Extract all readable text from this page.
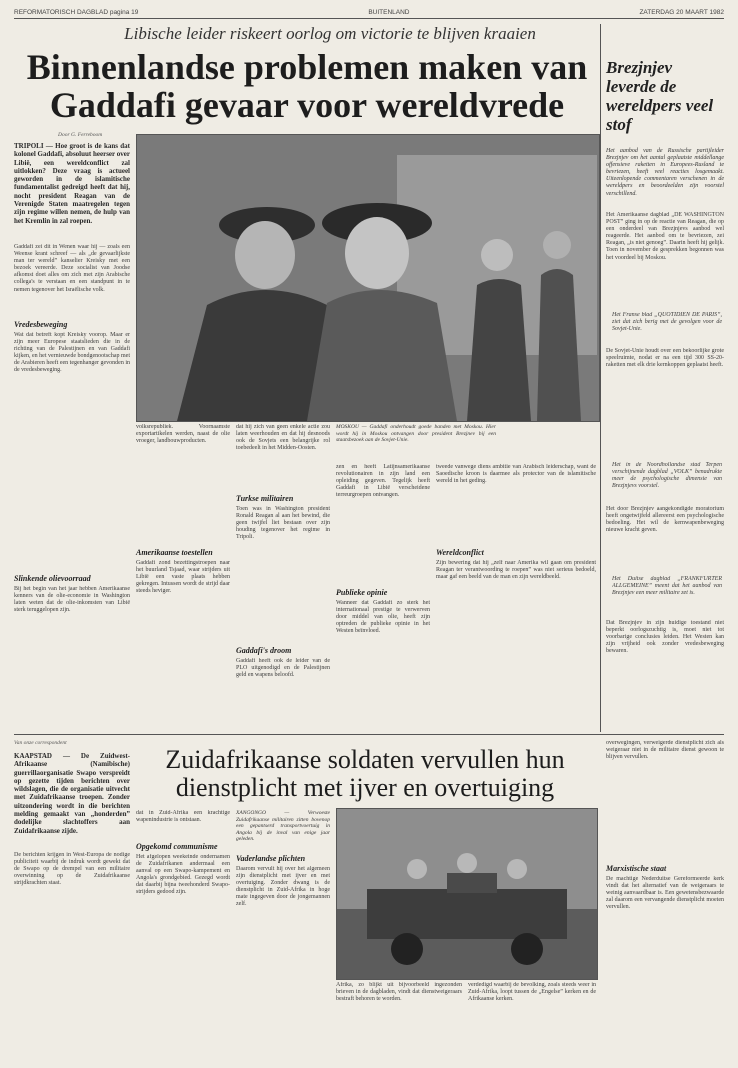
REFORMATORISCH DAGBLAD pagina 19	BUITENLAND	ZATERDAG 20 MAART 1982
Libische leider riskeert oorlog om victorie te blijven kraaien
Binnenlandse problemen maken van Gaddafi gevaar voor wereldvrede
Door G. Ferreboom
TRIPOLI — Hoe groot is de kans dat kolonel Gaddafi, absoluut heerser over Libië, een wereldconflict zal uitlokken? Deze vraag is actueel geworden in de islamitische fundamentalist gedreigd heeft dat hij, nocht president Reagan van de Verenigde Staten maatregelen tegen zijn regime willen nemen, de hulp van het Kremlin in zal roepen.
Gaddafi zei dit in Wenen waar hij — zoals een Weense krant schreef — als „de gevaarlijkste man ter wereld” kanselier Kreisky met een bezoek vereerde. Deze socialist van Joodse afkomst doet alles om zich met zijn Arabische collega's te verstaan en een standpunt in te nemen tegenover het Israëlische volk.
Vredesbeweging
Wat dat betreft kopt Kreisky voorop. Maar er zijn meer Europese staatslieden die in de richting van de Palestijnen en van Gaddafi kijken, en het vernieuwde bondgenootschap met de Arabieren heeft een tegenhanger gevonden in de vredesbeweging.
Slinkende olievoorraad
Bij het begin van het jaar hebben Amerikaanse kenners van de olie-economie in Washington laten weten dat de olie-inkomsten van Libië sterk teruggelopen zijn.
volksrepubliek. Voornaamste exportartikelen werden, naast de olie vroeger, landbouwproducten.
Amerikaanse toestellen
Gaddafi zond bezettingstroepen naar het buurland Tsjaad, waar strijders uit Libië een vaste plaats hebben gekregen. Intussen wordt de strijd daar steeds heviger.
dat hij zich van geen enkele actie zou laten weerhouden en dat hij desnoods ook de Sovjets een belangrijke rol toebedeelt in het Midden-Oosten.
Turkse militairen
Toen was in Washington president Ronald Reagan al aan het bewind, die geen twijfel liet bestaan over zijn houding tegenover het regime in Tripoli.
Gaddafi's droom
Gaddafi heeft ook de leider van de PLO uitgenodigd en de Palestijnen geld en wapens beloofd.
MOSKOU — Gaddafi onderhoudt goede banden met Moskou. Hier wordt hij in Moskou ontvangen door president Brezjnev bij een staatsbezoek aan de Sovjet-Unie.
zen en heeft Latijnsamerikaanse revolutionairen in zijn land een opleiding gegeven. Tegelijk heeft Gaddafi in Libië verscheidene terreurgroepen ontvangen.
Publieke opinie
Wanneer dat Gaddafi zo sterk het internationaal prestige te verwerven door middel van olie, heeft zijn optreden de publieke opinie in het Westen beïnvloed.
tweede vanwege diens ambitie van Arabisch leiderschap, want de Saoedische kroon is daarmee als protector van de islamitische wereld in het geding.
Wereldconflict
Zijn bewering dat hij „zelf naar Amerika wil gaan om president Reagan ter verantwoording te roepen” was niet serieus bedoeld, maar gaf een beeld van de man en zijn wereldbeeld.
Brezjnjev leverde de wereldpers veel stof
Het aanbod van de Russische partijleider Brezjnjev om het aantal geplaatste middellange offensieve raketten in Europees-Rusland te bevriezen, heeft veel reacties losgemaakt. Uiteenlopende commentaren verschenen in de wereldpers en beoordeelden zijn voorstel verschillend.
Het Amerikaanse dagblad „DE WASHINGTON POST” ging in op de reactie van Reagan, die op een onderdeel van Brezjnjevs aanbod wel reageerde. Het aanbod om te bevriezen, zei Reagan, „is niet genoeg”. Daarin heeft hij gelijk. Toen in november de gesprekken begonnen was het voordeel bij Moskou.
Het Franse blad „QUOTIDIEN DE PARIS”, ziet dat zich berig met de gevolgen voor de Sovjet-Unie.
De Sovjet-Unie houdt over een bekoorlijke grote speelruimte, nodat er na een tijd 300 SS-20-raketten met elk drie kernkoppen geplaatst heeft.
Het in de Noordhollandse stad Terpen verschijnende dagblad „VOLK” benadrukte meer de psychologische dimensie van Brezjnjevs voorstel.
Het door Brezjnjev aangekondigde moratorium heeft ongetwijfeld allereerst een psychologische bedoeling. Het wil de kernwapenbeweging nieuwe kracht geven.
Het Duitse dagblad „FRANKFURTER ALLGEMEINE” meent dat het aanbod van Brezjnjev een meer militaire zet is.
Dat Brezjnjev in zijn huidige toestand niet beperkt oorlogszuchtig is, moet niet tot voorbarige conclusies leiden. Het Westen kan zijn vrijheid ook zonder vredesbeweging bewaren.
Van onze correspondent
Zuidafrikaanse soldaten vervullen hun dienstplicht met ijver en overtuiging
KAAPSTAD — De Zuidwest-Afrikaanse (Namibische) guerrillaorganisatie Swapo verspreidt op gezette tijden berichten over wildslagen, die de organisatie uitvecht met Zuidafrikaanse troepen. Zonder uitzondering wordt in die berichten melding gemaakt van „honderden” dodelijke slachtoffers aan Zuidafrikaanse zijde.
De berichten krijgen in West-Europa de nodige publiciteit waarbij de indruk wordt gewekt dat de Swapo op de drempel van een militaire overwinning op de Zuidafrikaanse strijdkrachten staat.
dat in Zuid-Afrika een krachtige wapenindustrie is ontstaan.
Opgekomd communisme
Het afgelopen weekeinde ondernamen de Zuidafrikanen andermaal een aanval op een Swapo-kampement en Angola's grondgebied. Gezegd wordt dat daarbij bijna tweehonderd Swapo-strijders gedood zijn.
XANGONGO — Verwoeste Zuidafrikaanse militairen zitten bovenop een gepantserd transportvoertuig in Angola bij de inval van enige jaar geleden.
Vaderlandse plichten
Daarom vervult hij over het algemeen zijn dienstplicht met ijver en met overtuiging. Zonder dwang is de dienstplicht in Zuid-Afrika in hoge mate ingegeven door de jongemannen zelf.
Afrika, zo blijkt uit bijvoorbeeld ingezonden brieven in de dagbladen, vindt dat dienstweigeraars bestraft behoren te worden.
verdedigd waarbij de bevolking, zoals steeds weer in Zuid-Afrika, loopt tussen de „Engelse” kerken en de Afrikaanse kerken.
overwegingen, verweigerde dienstplicht zich als weigeraar niet in de militaire dienst gewoon te blijven vervullen.
Marxistische staat
De machtige Nederduitse Gereformeerde kerk vindt dat het alternatief van de weigeraars te weinig aanvaardbaar is. Een gewetensbezwaarde zal daarom een vervangende dienstplicht moeten vervullen.
